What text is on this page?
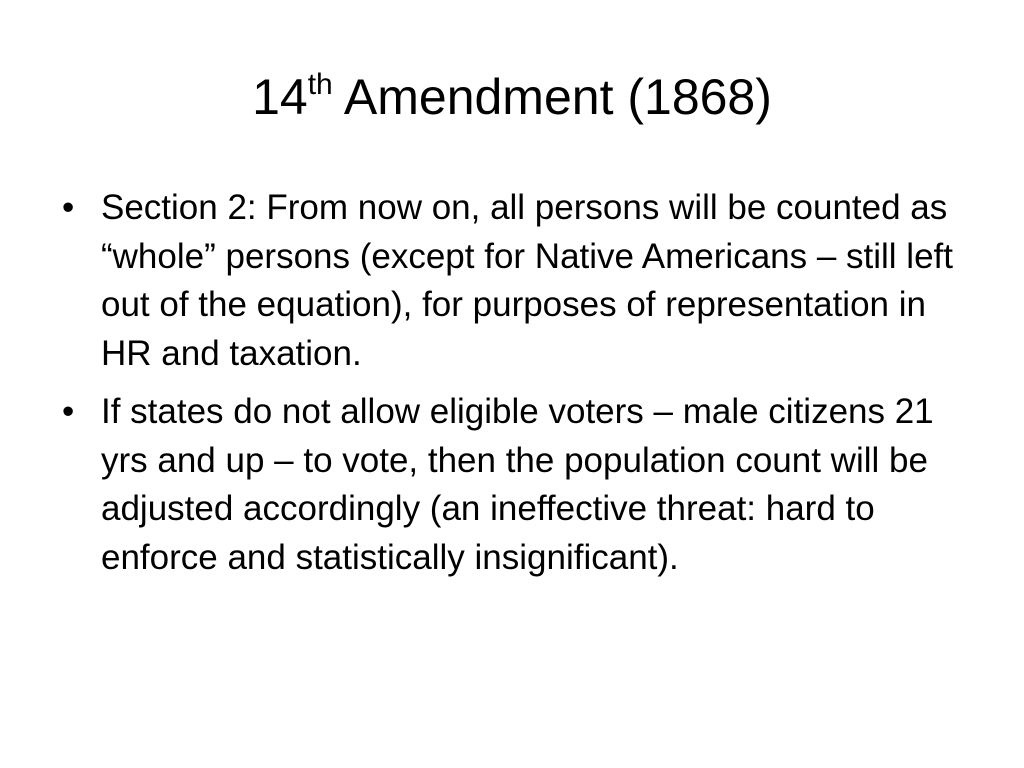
14th Amendment (1868)
• Section 2: From now on, all persons will be counted as “whole” persons (except for Native Americans – still left out of the equation), for purposes of representation in HR and taxation.
• If states do not allow eligible voters – male citizens 21 yrs and up – to vote, then the population count will be adjusted accordingly (an ineffective threat: hard to enforce and statistically insignificant).
